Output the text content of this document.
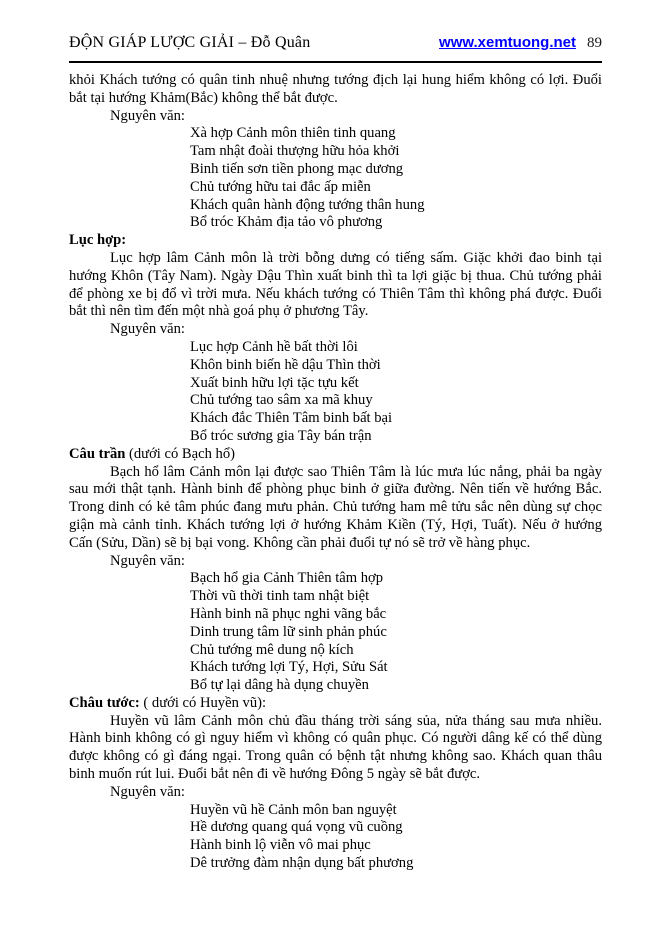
ĐỘN GIÁP LƯỢC GIẢI – Đỗ Quân	www.xemtuong.net 89

khỏi Khách tướng có quân tinh nhuệ nhưng tướng địch lại hung hiểm không có lợi. Đuổi bắt tại hướng Khảm(Bắc) không thể bắt được.

Nguyên văn:

Xà hợp Cảnh môn thiên tinh quang

Tam nhật đoài thượng hữu hỏa khởi

Binh tiến sơn tiền phong mạc dương

Chủ tướng hữu tai đắc ấp miễn

Khách quân hành động tướng thân hung

Bổ tróc Khảm địa tảo vô phương

Lục hợp:

Lục hợp lâm Cảnh môn là trời bỗng dưng có tiếng sấm. Giặc khởi đao binh tại hướng Khôn (Tây Nam). Ngày Dậu Thìn xuất binh thì ta lợi giặc bị thua. Chủ tướng phải để phòng xe bị đổ vì trời mưa. Nếu khách tướng có Thiên Tâm thì không phá được. Đuổi bắt thì nên tìm đến một nhà goá phụ ở phương Tây.

Nguyên văn:

Lục hợp Cảnh hề bất thời lôi

Khôn binh biến hề dậu Thìn thời

Xuất binh hữu lợi tặc tựu kết

Chủ tướng tao sâm xa mã khuy

Khách đắc Thiên Tâm binh bất bại

Bổ tróc sương gia Tây bán trận

Câu trần (dưới có Bạch hổ)

Bạch hổ lâm Cảnh môn lại được sao Thiên Tâm là lúc mưa lúc nắng, phải ba ngày sau mới thật tạnh. Hành binh để phòng phục binh ở giữa đường. Nên tiến về hướng Bắc. Trong dinh có kẻ tâm phúc đang mưu phản. Chủ tướng ham mê tửu sắc nên dùng sự chọc giận mà cảnh tỉnh. Khách tướng lợi ở hướng Khảm Kiền (Tý, Hợi, Tuất). Nếu ở hướng Cấn (Sửu, Dần) sẽ bị bại vong. Không cần phải đuổi tự nó sẽ trở về hàng phục.

Nguyên văn:

Bạch hổ gia Cảnh Thiên tâm hợp

Thời vũ thời tinh tam nhật biệt

Hành binh nã phục nghi vãng bắc

Dinh trung tâm lữ sinh phản phúc

Chủ tướng mê dung nộ kích

Khách tướng lợi Tý, Hợi, Sửu Sát

Bổ tự lại dâng hà dụng chuyền

Châu tước: ( dưới có Huyền vũ):

Huyền vũ lâm Cảnh môn chủ đầu tháng trời sáng sủa, nửa tháng sau mưa nhiều. Hành binh không có gì nguy hiểm vì không có quân phục. Có người dâng kế có thể dùng được không có gì đáng ngại. Trong quân có bệnh tật nhưng không sao. Khách quan thâu binh muốn rút lui. Đuổi bắt nên đi về hướng Đông 5 ngày sẽ bắt được.

Nguyên văn:

Huyền vũ hề Cảnh môn ban nguyệt

Hề dương quang quá vọng vũ cuồng

Hành binh lộ viễn vô mai phục

Dê trưởng đàm nhận dụng bất phương
